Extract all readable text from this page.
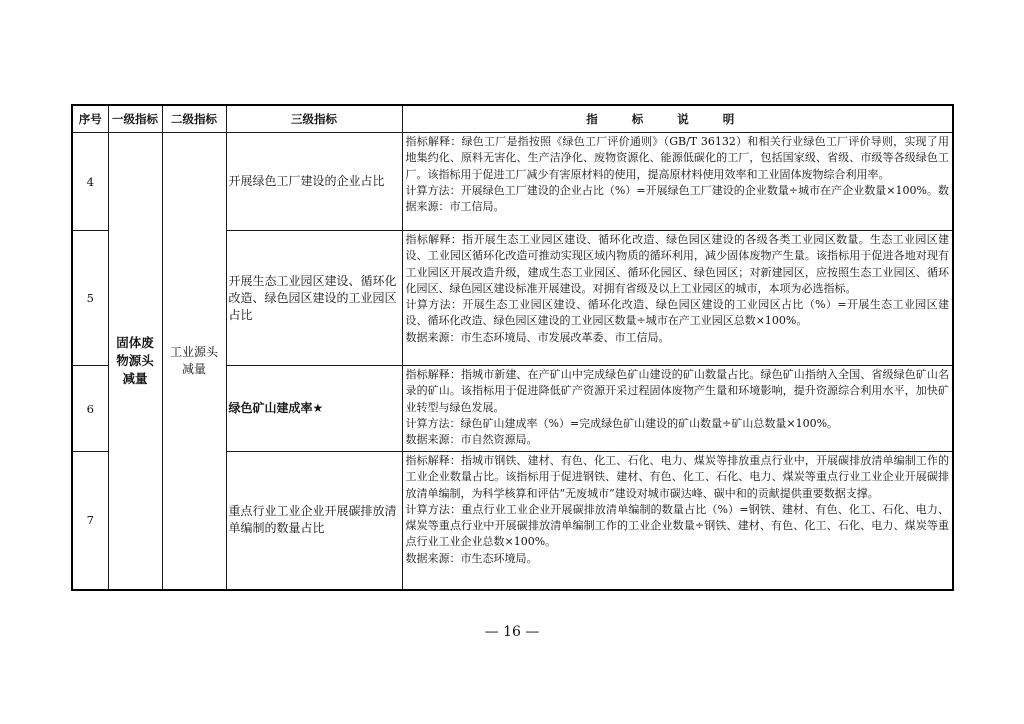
序号	一级指标	二级指标	三级指标	指标说明
4	固体废物源头减量	工业源头减量	开展绿色工厂建设的企业占比	指标解释：绿色工厂是指按照《绿色工厂评价通则》（GB/T 36132）和相关行业绿色工厂评价导则，实现了用地集约化、原料无害化、生产洁净化、废物资源化、能源低碳化的工厂，包括国家级、省级、市级等各级绿色工厂。该指标用于促进工厂减少有害原材料的使用，提高原材料使用效率和工业固体废物综合利用率。

计算方法：开展绿色工厂建设的企业占比（%）=开展绿色工厂建设的企业数量÷城市在产企业数量×100%。数据来源：市工信局。

5			开展生态工业园区建设、循环化改造、绿色园区建设的工业园区占比	指标解释：指开展生态工业园区建设、循环化改造、绿色园区建设的各级各类工业园区数量。生态工业园区建设、工业园区循环化改造可推动实现区域内物质的循环利用，减少固体废物产生量。该指标用于促进各地对现有工业园区开展改造升级，建成生态工业园区、循环化园区、绿色园区；对新建园区，应按照生态工业园区、循环化园区、绿色园区建设标准开展建设。对拥有省级及以上工业园区的城市，本项为必选指标。

计算方法：开展生态工业园区建设、循环化改造、绿色园区建设的工业园区占比（%）=开展生态工业园区建设、循环化改造、绿色园区建设的工业园区数量÷城市在产工业园区总数×100%。

数据来源：市生态环境局、市发展改革委、市工信局。

6			绿色矿山建成率★	指标解释：指城市新建、在产矿山中完成绿色矿山建设的矿山数量占比。绿色矿山指纳入全国、省级绿色矿山名录的矿山。该指标用于促进降低矿产资源开采过程固体废物产生量和环境影响，提升资源综合利用水平，加快矿业转型与绿色发展。

计算方法：绿色矿山建成率（%）=完成绿色矿山建设的矿山数量÷矿山总数量×100%。

数据来源：市自然资源局。

7			重点行业工业企业开展碳排放清单编制的数量占比	指标解释：指城市钢铁、建材、有色、化工、石化、电力、煤炭等排放重点行业中，开展碳排放清单编制工作的工业企业数量占比。该指标用于促进钢铁、建材、有色、化工、石化、电力、煤炭等重点行业工业企业开展碳排放清单编制，为科学核算和评估“无废城市”建设对城市碳达峰、碳中和的贡献提供重要数据支撑。

计算方法：重点行业工业企业开展碳排放清单编制的数量占比（%）=钢铁、建材、有色、化工、石化、电力、煤炭等重点行业中开展碳排放清单编制工作的工业企业数量÷钢铁、建材、有色、化工、石化、电力、煤炭等重点行业工业企业总数×100%。

数据来源：市生态环境局。

— 16 —
